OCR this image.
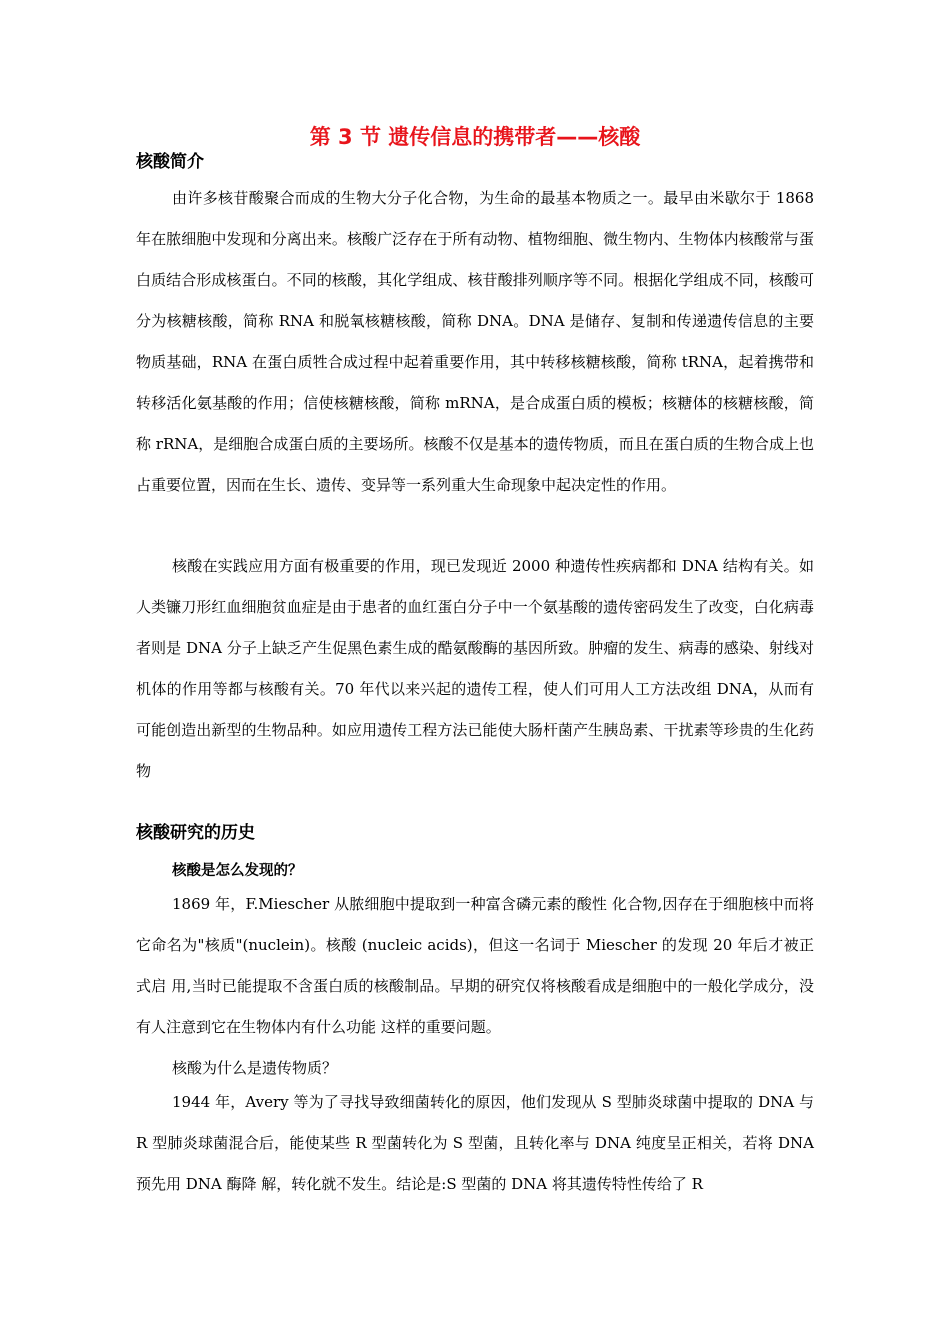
第 3 节 遗传信息的携带者——核酸
核酸简介

由许多核苷酸聚合而成的生物大分子化合物，为生命的最基本物质之一。最早由米歇尔于 1868 年在脓细胞中发现和分离出来。核酸广泛存在于所有动物、植物细胞、微生物内、生物体内核酸常与蛋白质结合形成核蛋白。不同的核酸，其化学组成、核苷酸排列顺序等不同。根据化学组成不同，核酸可分为核糖核酸，简称 RNA 和脱氧核糖核酸，简称 DNA。DNA 是储存、复制和传递遗传信息的主要物质基础，RNA 在蛋白质牲合成过程中起着重要作用，其中转移核糖核酸，简称 tRNA，起着携带和转移活化氨基酸的作用；信使核糖核酸，简称 mRNA，是合成蛋白质的模板；核糖体的核糖核酸，简称 rRNA，是细胞合成蛋白质的主要场所。核酸不仅是基本的遗传物质，而且在蛋白质的生物合成上也占重要位置，因而在生长、遗传、变异等一系列重大生命现象中起决定性的作用。

核酸在实践应用方面有极重要的作用，现已发现近 2000 种遗传性疾病都和 DNA 结构有关。如人类镰刀形红血细胞贫血症是由于患者的血红蛋白分子中一个氨基酸的遗传密码发生了改变，白化病毒者则是 DNA 分子上缺乏产生促黑色素生成的酷氨酸酶的基因所致。肿瘤的发生、病毒的感染、射线对机体的作用等都与核酸有关。70 年代以来兴起的遗传工程，使人们可用人工方法改组 DNA，从而有可能创造出新型的生物品种。如应用遗传工程方法已能使大肠杆菌产生胰岛素、干扰素等珍贵的生化药物

核酸研究的历史
核酸是怎么发现的？

1869 年，F.Miescher 从脓细胞中提取到一种富含磷元素的酸性 化合物,因存在于细胞核中而将它命名为"核质"(nuclein)。核酸 (nucleic acids)，但这一名词于 Miescher 的发现 20 年后才被正式启 用,当时已能提取不含蛋白质的核酸制品。早期的研究仅将核酸看成是细胞中的一般化学成分，没有人注意到它在生物体内有什么功能 这样的重要问题。

核酸为什么是遗传物质？

1944 年，Avery 等为了寻找导致细菌转化的原因，他们发现从 S 型肺炎球菌中提取的 DNA 与 R 型肺炎球菌混合后，能使某些 R 型菌转化为 S 型菌，且转化率与 DNA 纯度呈正相关，若将 DNA 预先用 DNA 酶降 解，转化就不发生。结论是:S 型菌的 DNA 将其遗传特性传给了 R
